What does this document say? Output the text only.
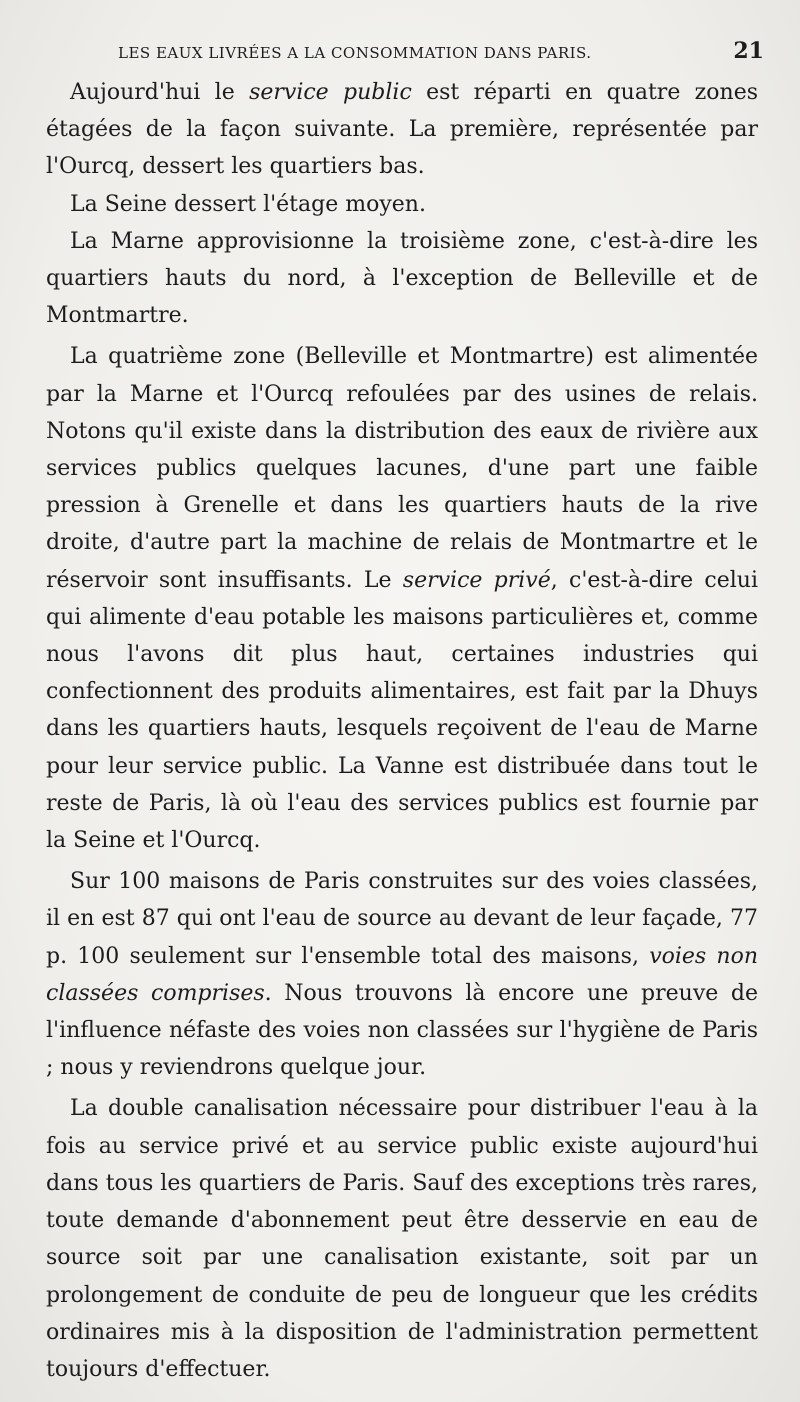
LES EAUX LIVRÉES A LA CONSOMMATION DANS PARIS.	21

Aujourd'hui le service public est réparti en quatre zones étagées de la façon suivante. La première, représentée par l'Ourcq, dessert les quartiers bas.

La Seine dessert l'étage moyen.

La Marne approvisionne la troisième zone, c'est-à-dire les quartiers hauts du nord, à l'exception de Belleville et de Montmartre.

La quatrième zone (Belleville et Montmartre) est alimentée par la Marne et l'Ourcq refoulées par des usines de relais. Notons qu'il existe dans la distribution des eaux de rivière aux services publics quelques lacunes, d'une part une faible pression à Grenelle et dans les quartiers hauts de la rive droite, d'autre part la machine de relais de Montmartre et le réservoir sont insuffisants. Le service privé, c'est-à-dire celui qui alimente d'eau potable les maisons particulières et, comme nous l'avons dit plus haut, certaines industries qui confectionnent des produits alimentaires, est fait par la Dhuys dans les quartiers hauts, lesquels reçoivent de l'eau de Marne pour leur service public. La Vanne est distribuée dans tout le reste de Paris, là où l'eau des services publics est fournie par la Seine et l'Ourcq.

Sur 100 maisons de Paris construites sur des voies classées, il en est 87 qui ont l'eau de source au devant de leur façade, 77 p. 100 seulement sur l'ensemble total des maisons, voies non classées comprises. Nous trouvons là encore une preuve de l'influence néfaste des voies non classées sur l'hygiène de Paris ; nous y reviendrons quelque jour.

La double canalisation nécessaire pour distribuer l'eau à la fois au service privé et au service public existe aujourd'hui dans tous les quartiers de Paris. Sauf des exceptions très rares, toute demande d'abonnement peut être desservie en eau de source soit par une canalisation existante, soit par un prolongement de conduite de peu de longueur que les crédits ordinaires mis à la disposition de l'administration permettent toujours d'effectuer.
